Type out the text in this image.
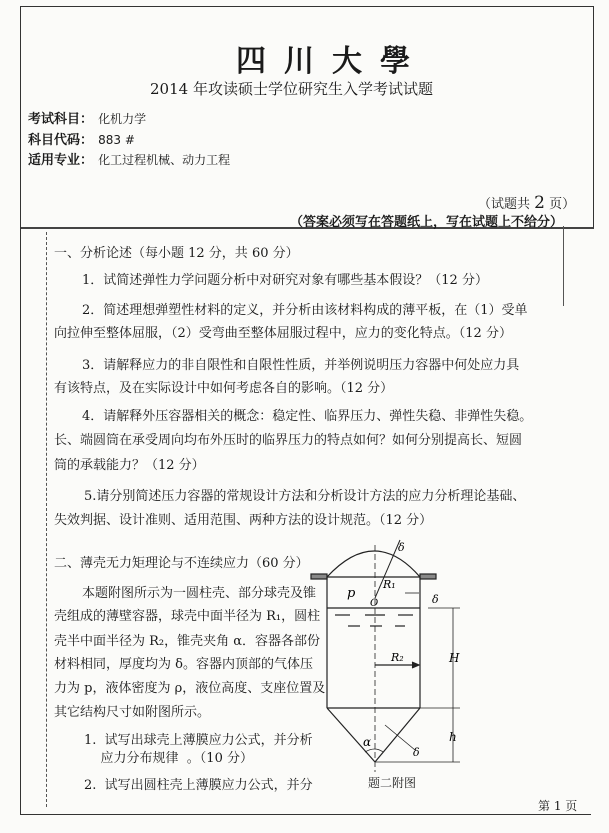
四川大學
2014 年攻读硕士学位研究生入学考试试题
考试科目： 化机力学
科目代码： 883 #
适用专业： 化工过程机械、动力工程
（试题共 2 页）
（答案必须写在答题纸上，写在试题上不给分）
一、分析论述（每小题 12 分，共 60 分）
1．试简述弹性力学问题分析中对研究对象有哪些基本假设？（12 分）
2．简述理想弹塑性材料的定义，并分析由该材料构成的薄平板，在（1）受单
向拉伸至整体屈服，（2）受弯曲至整体屈服过程中，应力的变化特点。（12 分）
3．请解释应力的非自限性和自限性性质，并举例说明压力容器中何处应力具
有该特点，及在实际设计中如何考虑各自的影响。（12 分）
4．请解释外压容器相关的概念：稳定性、临界压力、弹性失稳、非弹性失稳。
长、端圆筒在承受周向均布外压时的临界压力的特点如何？如何分别提高长、短圆
筒的承载能力？（12 分）
5.请分别简述压力容器的常规设计方法和分析设计方法的应力分析理论基础、
失效判据、设计准则、适用范围、两种方法的设计规范。（12 分）
二、薄壳无力矩理论与不连续应力（60 分）
本题附图所示为一圆柱壳、部分球壳及锥
壳组成的薄壁容器，球壳中面半径为 R₁，圆柱
壳半中面半径为 R₂，锥壳夹角 α．容器各部份
材料相同，厚度均为 δ。容器内顶部的气体压
力为 p，液体密度为 ρ，液位高度、支座位置及
其它结构尺寸如附图所示。
1.  试写出球壳上薄膜应力公式，并分析
应力分布规律  。（10 分）
2.  试写出圆柱壳上薄膜应力公式，并分
δ
R₁
p
O	δ
R₂	H
h
α
δ
题二附图
第 1 页
